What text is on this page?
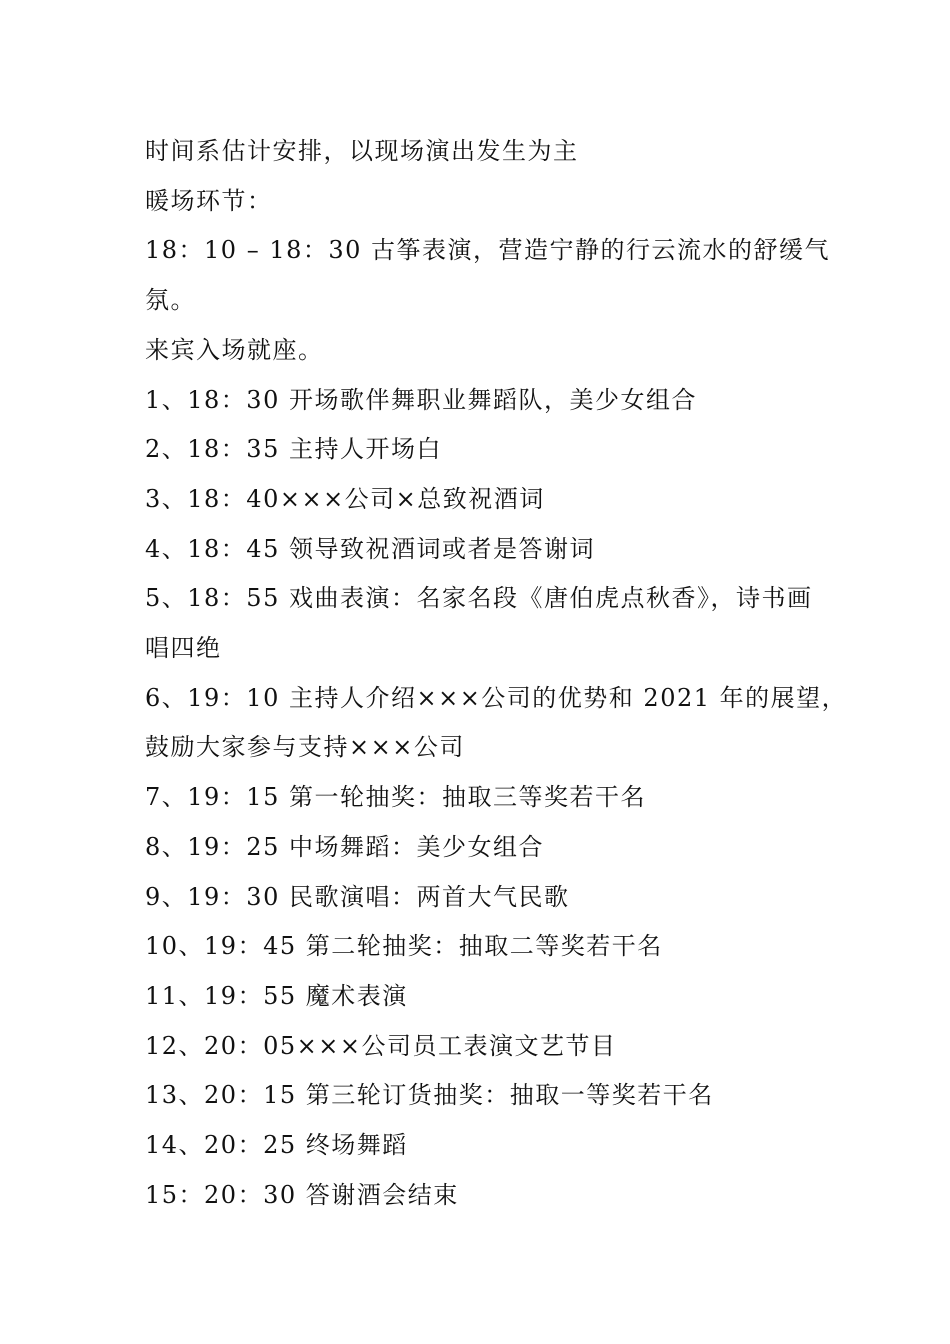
时间系估计安排，以现场演出发生为主

暖场环节：

18：10 – 18：30 古筝表演，营造宁静的行云流水的舒缓气

氛。

来宾入场就座。

1、18：30 开场歌伴舞职业舞蹈队，美少女组合

2、18：35 主持人开场白

3、18：40×××公司×总致祝酒词

4、18：45 领导致祝酒词或者是答谢词

5、18：55 戏曲表演：名家名段《唐伯虎点秋香》，诗书画

唱四绝

6、19：10 主持人介绍×××公司的优势和 2021 年的展望，

鼓励大家参与支持×××公司

7、19：15 第一轮抽奖：抽取三等奖若干名

8、19：25 中场舞蹈：美少女组合

9、19：30 民歌演唱：两首大气民歌

10、19：45 第二轮抽奖：抽取二等奖若干名

11、19：55 魔术表演

12、20：05×××公司员工表演文艺节目

13、20：15 第三轮订货抽奖：抽取一等奖若干名

14、20：25 终场舞蹈

15：20：30 答谢酒会结束
